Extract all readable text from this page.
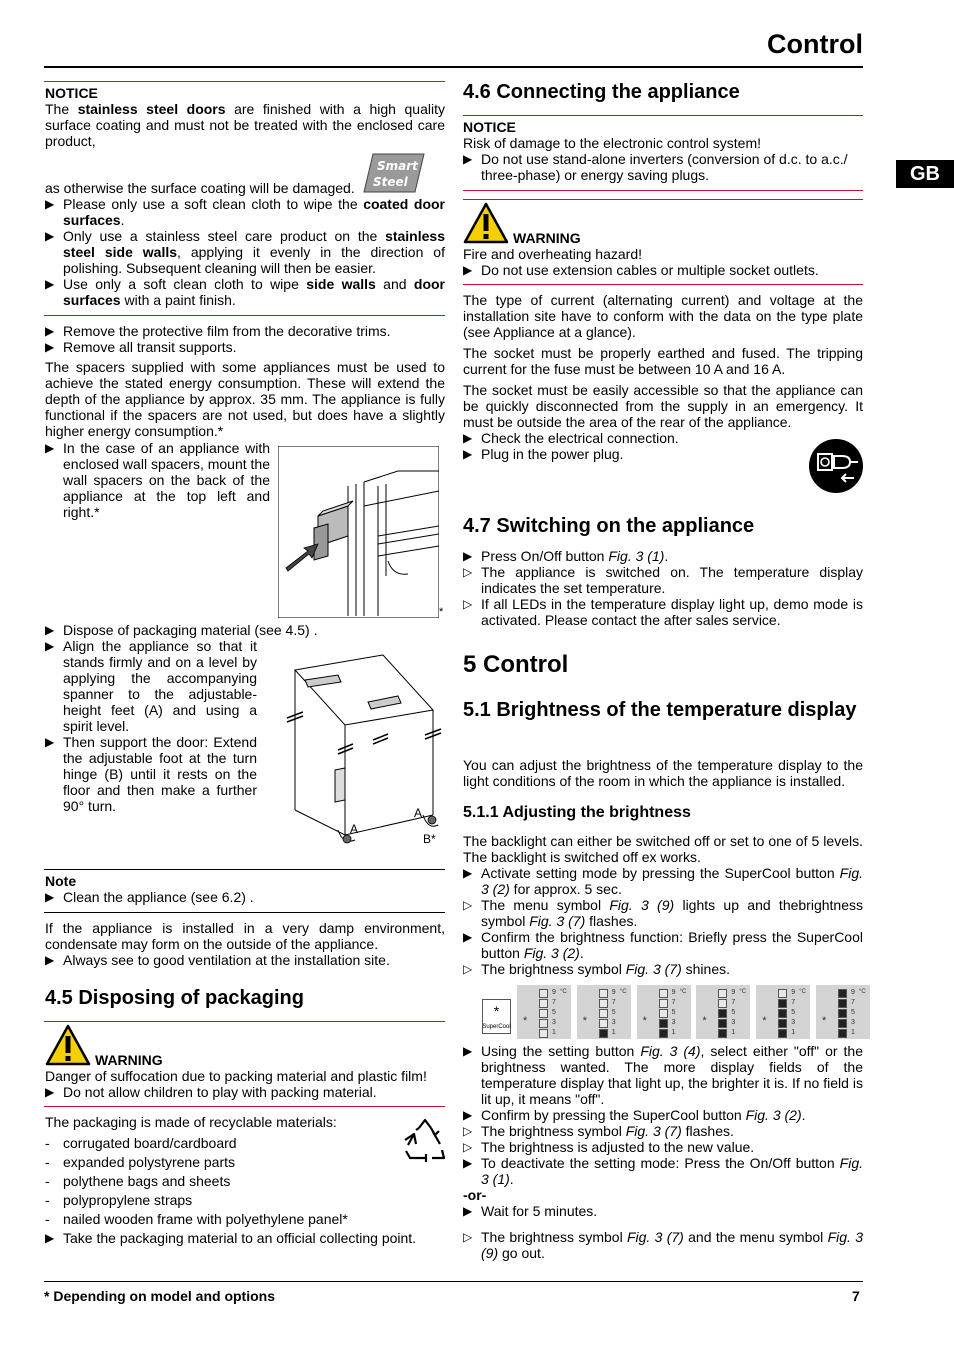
Control
GB

NOTICE

The stainless steel doors are finished with a high quality surface coating and must not be treated with the enclosed care product,

Smart
Steel

as otherwise the surface coating will be damaged.

▶ Please only use a soft clean cloth to wipe the coated door surfaces.
▶ Only use a stainless steel care product on the stainless steel side walls, applying it evenly in the direction of polishing. Subsequent cleaning will then be easier.
▶ Use only a soft clean cloth to wipe side walls and door surfaces with a paint finish.
▶ Remove the protective film from the decorative trims.
▶ Remove all transit supports.

The spacers supplied with some appliances must be used to achieve the stated energy consumption. These will extend the depth of the appliance by approx. 35 mm. The appliance is fully functional if the spacers are not used, but does have a slightly higher energy consumption.*

▶ In the case of an appliance with enclosed wall spacers, mount the wall spacers on the back of the appliance at the top left and right.*
*
▶ Dispose of packaging material (see 4.5) .
▶ Align the appliance so that it stands firmly and on a level by applying the accompanying spanner to the adjustable-height feet (A) and using a spirit level.
▶ Then support the door: Extend the adjustable foot at the turn hinge (B) until it rests on the floor and then make a further 90° turn.
A
A
B*

Note

▶ Clean the appliance (see 6.2) .

If the appliance is installed in a very damp environment, condensate may form on the outside of the appliance.

▶ Always see to good ventilation at the installation site.
4.5 Disposing of packaging

WARNING

Danger of suffocation due to packing material and plastic film!

▶ Do not allow children to play with packing material.

The packaging is made of recyclable materials:

- corrugated board/cardboard
- expanded polystyrene parts
- polythene bags and sheets
- polypropylene straps
- nailed wooden frame with polyethylene panel*
▶ Take the packaging material to an official collecting point.
4.6 Connecting the appliance

NOTICE

Risk of damage to the electronic control system!

▶ Do not use stand-alone inverters (conversion of d.c. to a.c./ three-phase) or energy saving plugs.

WARNING

Fire and overheating hazard!

▶ Do not use extension cables or multiple socket outlets.

The type of current (alternating current) and voltage at the installation site have to conform with the data on the type plate (see Appliance at a glance).

The socket must be properly earthed and fused. The tripping current for the fuse must be between 10 A and 16 A.

The socket must be easily accessible so that the appliance can be quickly disconnected from the supply in an emergency. It must be outside the area of the rear of the appliance.

▶ Check the electrical connection.
▶ Plug in the power plug.
4.7 Switching on the appliance
▶ Press On/Off button Fig. 3 (1).
▷ The appliance is switched on. The temperature display indicates the set temperature.
▷ If all LEDs in the temperature display light up, demo mode is activated. Please contact the after sales service.
5 Control
5.1 Brightness of the temperature display

You can adjust the brightness of the temperature display to the light conditions of the room in which the appliance is installed.

5.1.1 Adjusting the brightness

The backlight can either be switched off or set to one of 5 levels. The backlight is switched off ex works.

▶ Activate setting mode by pressing the SuperCool button Fig. 3 (2) for approx. 5 sec.
▷ The menu symbol Fig. 3 (9) lights up and thebrightness symbol Fig. 3 (7) flashes.
▶ Confirm the brightness function: Briefly press the SuperCool button Fig. 3 (2).
▷ The brightness symbol Fig. 3 (7) shines.
*
SuperCool *
9
7
5
3
1
°C
*
9
7
5
3
1
°C
*
9
7
5
3
1
°C
*
9
7
5
3
1
°C
*
9
7
5
3
1
°C
*
9
7
5
3
1
°C
▶ Using the setting button Fig. 3 (4), select either "off" or the brightness wanted. The more display fields of the temperature display that light up, the brighter it is. If no field is lit up, it means "off".
▶ Confirm by pressing the SuperCool button Fig. 3 (2).
▷ The brightness symbol Fig. 3 (7) flashes.
▷ The brightness is adjusted to the new value.
▶ To deactivate the setting mode: Press the On/Off button Fig. 3 (1).

-or-

▶ Wait for 5 minutes.
▷ The brightness symbol Fig. 3 (7) and the menu symbol Fig. 3 (9) go out.
* Depending on model and options	7
